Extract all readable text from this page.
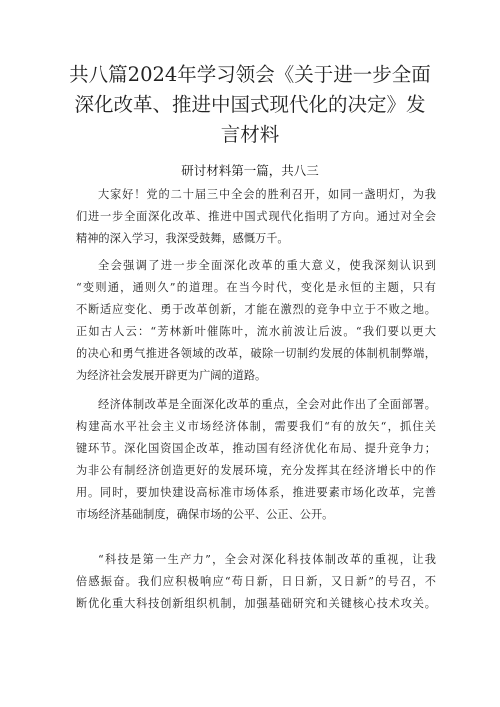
共八篇2024年学习领会《关于进一步全面
深化改革、推进中国式现代化的决定》发
言材料
研讨材料第一篇，共八三

大家好！党的二十届三中全会的胜利召开，如同一盏明灯，为我
们进一步全面深化改革、推进中国式现代化指明了方向。通过对全会
精神的深入学习，我深受鼓舞，感慨万千。

全会强调了进一步全面深化改革的重大意义，使我深刻认识到
“变则通，通则久”的道理。在当今时代，变化是永恒的主题，只有
不断适应变化、勇于改革创新，才能在激烈的竞争中立于不败之地。
正如古人云：“芳林新叶催陈叶，流水前波让后波。“我们要以更大
的决心和勇气推进各领域的改革，破除一切制约发展的体制机制弊端，
为经济社会发展开辟更为广阔的道路。

经济体制改革是全面深化改革的重点，全会对此作出了全面部署。
构建高水平社会主义市场经济体制，需要我们“有的放矢“，抓住关
键环节。深化国资国企改革，推动国有经济优化布局、提升竞争力；
为非公有制经济创造更好的发展环境，充分发挥其在经济增长中的作
用。同时，要加快建设高标准市场体系，推进要素市场化改革，完善
市场经济基础制度，确保市场的公平、公正、公开。

“科技是第一生产力”，全会对深化科技体制改革的重视，让我
倍感振奋。我们应积极响应“苟日新，日日新，又日新”的号召，不
断优化重大科技创新组织机制，加强基础研究和关键核心技术攻关。
